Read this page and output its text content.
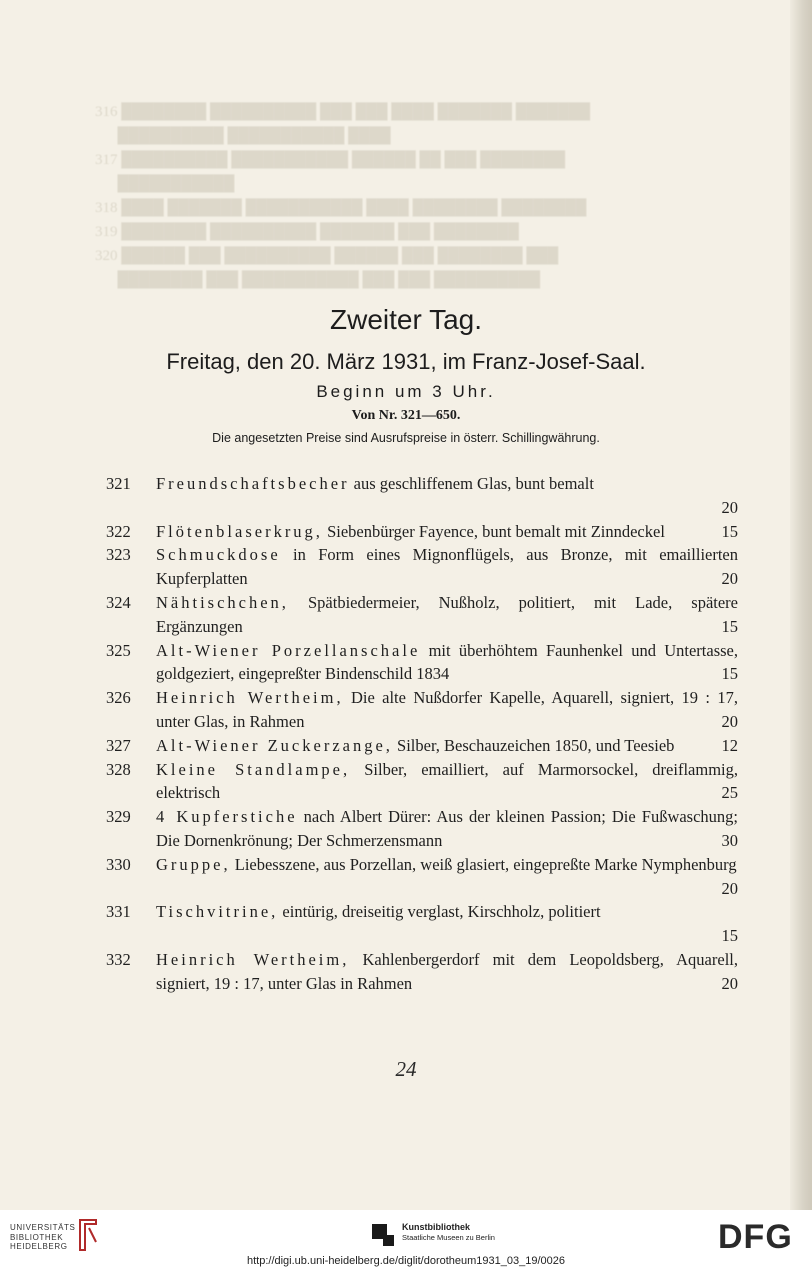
316 ████████ ██████████ ███ ███ ████ ███████ ███████
██████████ ███████████ ████
317 ██████████ ███████████ ██████ ██ ███ ████████
███████████
318 ████ ███████ ███████████ ████ ████████ ████████
319 ████████ ██████████ ███████ ███ ████████
320 ██████ ███ ██████████ ██████ ███ ████████ ███
████████ ███ ███████████ ███ ███ ██████████
Zweiter Tag.
Freitag, den 20. März 1931, im Franz-Josef-Saal.
Beginn um 3 Uhr.
Von Nr. 321—650.
Die angesetzten Preise sind Ausrufspreise in österr. Schillingwährung.
321	Freundschaftsbecher aus geschliffenem Glas, bunt bemalt

20
322	Flötenblaserkrug, Siebenbürger Fayence, bunt bemalt mit Zinndeckel	15
323	Schmuckdose in Form eines Mignonflügels, aus Bronze, mit emaillierten Kupferplatten	20
324	Nähtischchen, Spätbiedermeier, Nußholz, politiert, mit Lade, spätere Ergänzungen	15
325	Alt-Wiener Porzellanschale mit überhöhtem Faunhenkel und Untertasse, goldgeziert, eingepreßter Bindenschild 1834	15
326	Heinrich Wertheim, Die alte Nußdorfer Kapelle, Aquarell, signiert, 19 : 17, unter Glas, in Rahmen	20
327	Alt-Wiener Zuckerzange, Silber, Beschauzeichen 1850, und Teesieb	12
328	Kleine Standlampe, Silber, emailliert, auf Marmorsockel, dreiflammig, elektrisch	25
329	4 Kupferstiche nach Albert Dürer: Aus der kleinen Passion; Die Fußwaschung; Die Dornenkrönung; Der Schmerzensmann	30
330	Gruppe, Liebesszene, aus Porzellan, weiß glasiert, eingepreßte Marke Nymphenburg
20
331	Tischvitrine, eintürig, dreiseitig verglast, Kirschholz, politiert

15
332	Heinrich Wertheim, Kahlenbergerdorf mit dem Leopoldsberg, Aquarell, signiert, 19 : 17, unter Glas in Rahmen	20
24
UNIVERSITÄTS
BIBLIOTHEK
HEIDELBERG
Kunstbibliothek
Staatliche Museen zu Berlin	DFG
http://digi.ub.uni-heidelberg.de/diglit/dorotheum1931_03_19/0026
